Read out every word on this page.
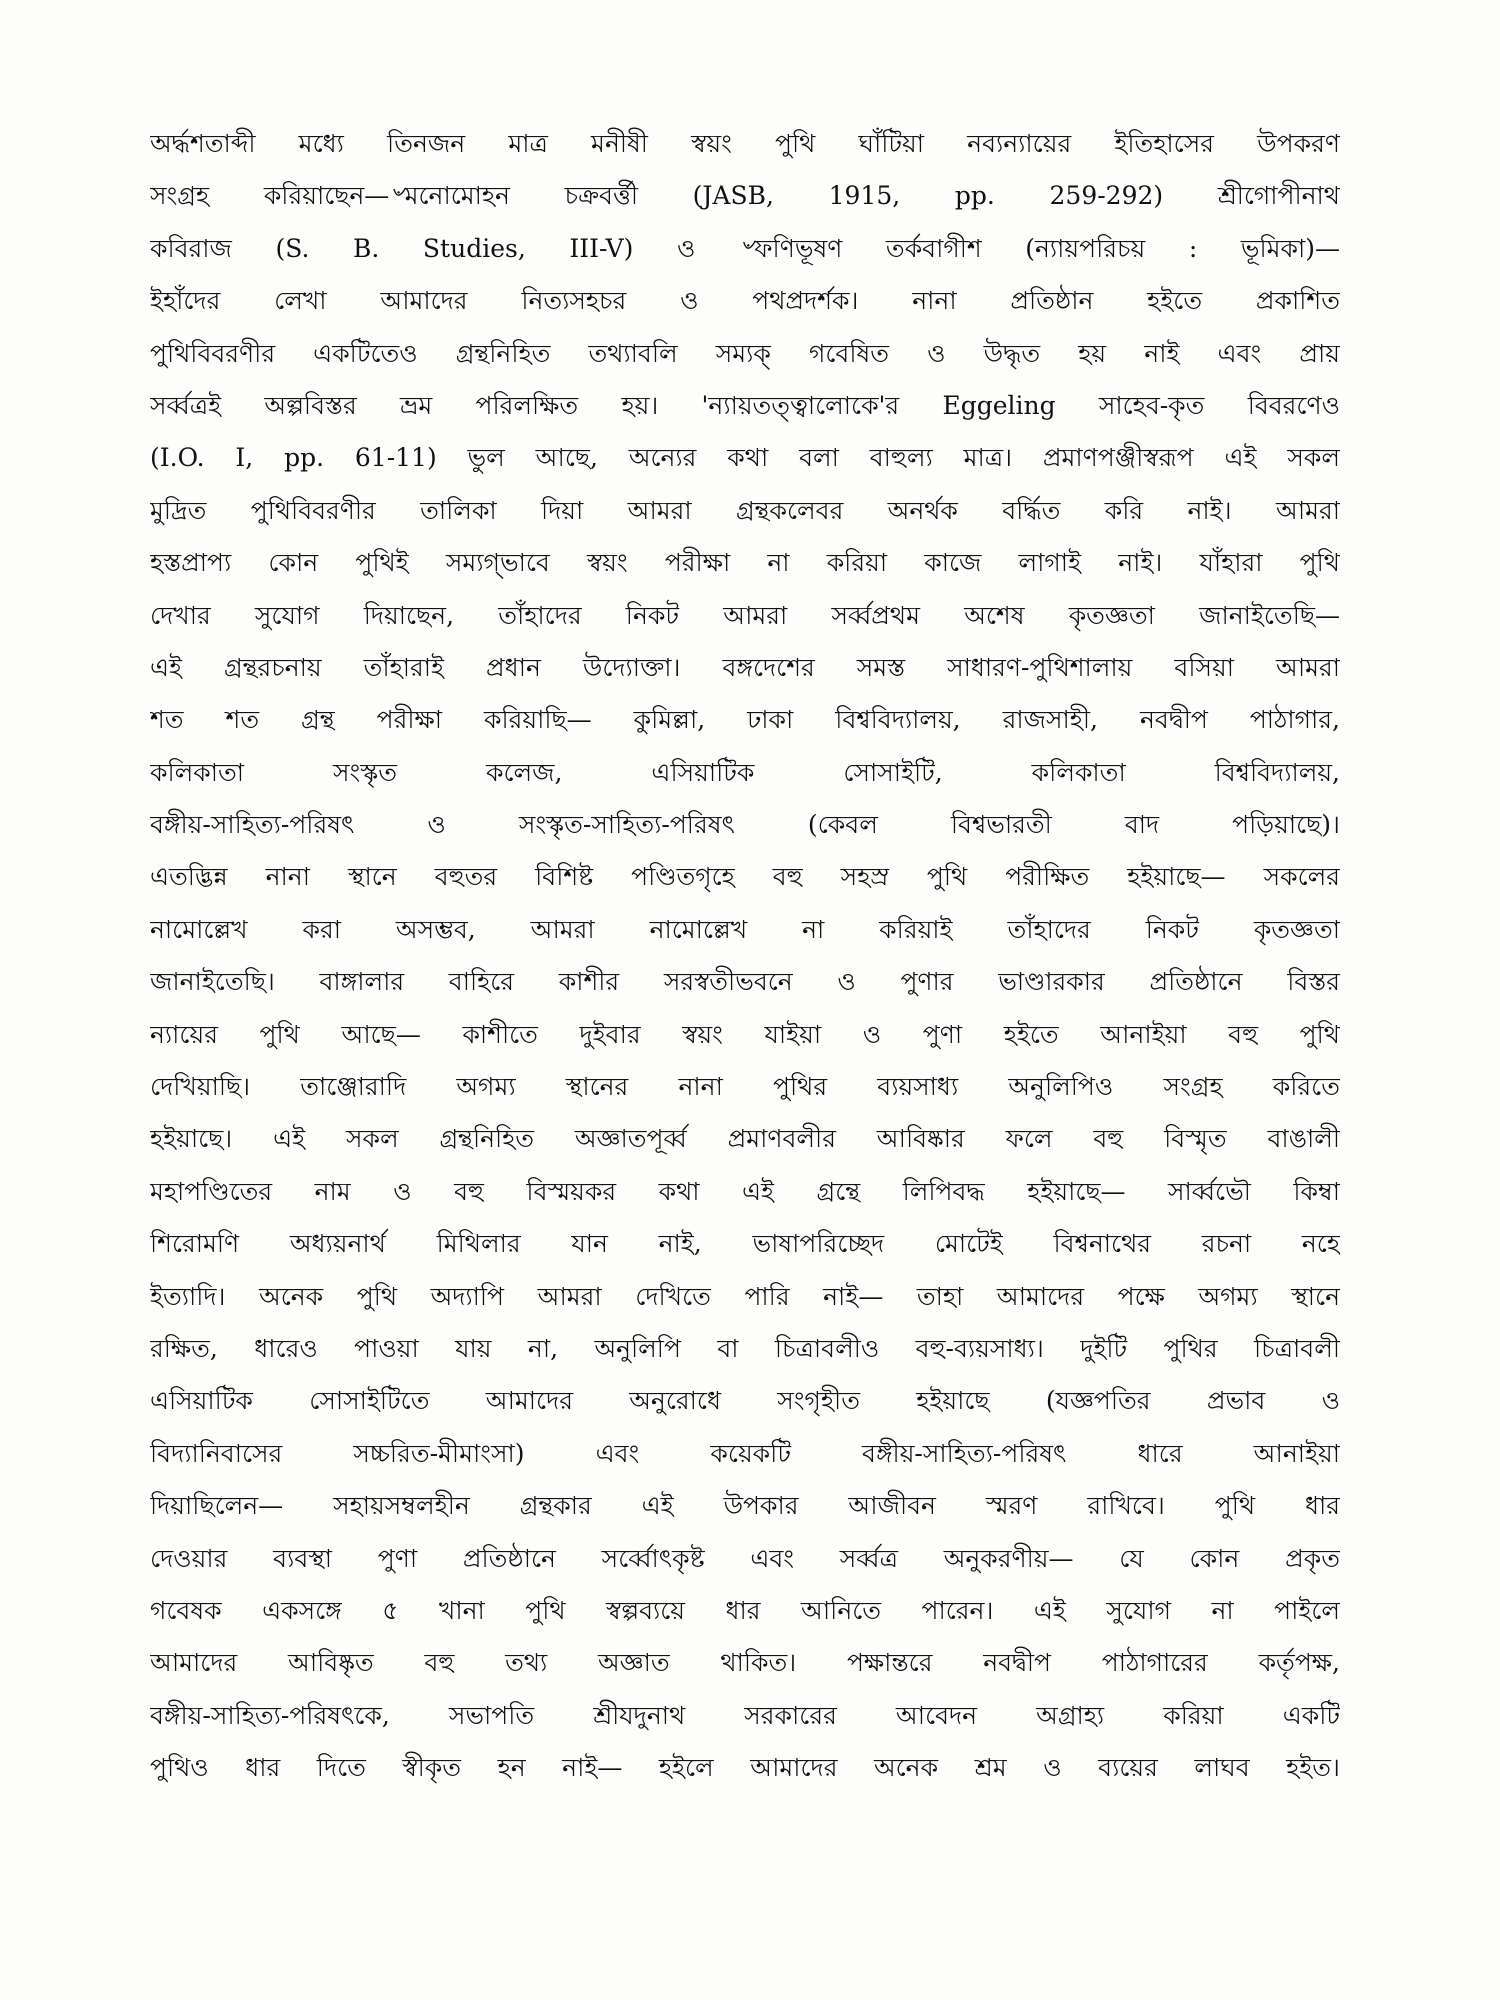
অর্দ্ধশতাব্দী মধ্যে তিনজন মাত্র মনীষী স্বয়ং পুথি ঘাঁটিয়া নব্যন্যায়ের ইতিহাসের উপকরণ
সংগ্রহ করিয়াছেন—৺মনোমোহন চক্রবর্ত্তী (JASB, 1915, pp. 259-292) শ্রীগোপীনাথ
কবিরাজ (S. B. Studies, III-V) ও ৺ফণিভূষণ তর্কবাগীশ (ন্যায়পরিচয় : ভূমিকা)—
ইহাঁদের লেখা আমাদের নিত্যসহচর ও পথপ্রদর্শক। নানা প্রতিষ্ঠান হইতে প্রকাশিত
পুথিবিবরণীর একটিতেও গ্রন্থনিহিত তথ্যাবলি সম্যক্ গবেষিত ও উদ্ধৃত হয় নাই এবং প্রায়
সর্ব্বত্রই অল্পবিস্তর ভ্রম পরিলক্ষিত হয়। 'ন্যায়তত্ত্বালোকে'র Eggeling সাহেব-কৃত বিবরণেও
(I.O. I, pp. 61-11) ভুল আছে, অন্যের কথা বলা বাহুল্য মাত্র। প্রমাণপঞ্জীস্বরূপ এই সকল
মুদ্রিত পুথিবিবরণীর তালিকা দিয়া আমরা গ্রন্থকলেবর অনর্থক বর্দ্ধিত করি নাই। আমরা
হস্তপ্রাপ্য কোন পুথিই সম্যগ্‌ভাবে স্বয়ং পরীক্ষা না করিয়া কাজে লাগাই নাই। যাঁহারা পুথি
দেখার সুযোগ দিয়াছেন, তাঁহাদের নিকট আমরা সর্ব্বপ্রথম অশেষ কৃতজ্ঞতা জানাইতেছি—
এই গ্রন্থরচনায় তাঁহারাই প্রধান উদ্যোক্তা। বঙ্গদেশের সমস্ত সাধারণ-পুথিশালায় বসিয়া আমরা
শত শত গ্রন্থ পরীক্ষা করিয়াছি— কুমিল্লা, ঢাকা বিশ্ববিদ্যালয়, রাজসাহী, নবদ্বীপ পাঠাগার,
কলিকাতা সংস্কৃত কলেজ, এসিয়াটিক সোসাইটি, কলিকাতা বিশ্ববিদ্যালয়,
বঙ্গীয়-সাহিত্য-পরিষৎ ও সংস্কৃত-সাহিত্য-পরিষৎ (কেবল বিশ্বভারতী বাদ পড়িয়াছে)।
এতদ্ভিন্ন নানা স্থানে বহুতর বিশিষ্ট পণ্ডিতগৃহে বহু সহস্র পুথি পরীক্ষিত হইয়াছে— সকলের
নামোল্লেখ করা অসম্ভব, আমরা নামোল্লেখ না করিয়াই তাঁহাদের নিকট কৃতজ্ঞতা
জানাইতেছি। বাঙ্গালার বাহিরে কাশীর সরস্বতীভবনে ও পুণার ভাণ্ডারকার প্রতিষ্ঠানে বিস্তর
ন্যায়ের পুথি আছে— কাশীতে দুইবার স্বয়ং যাইয়া ও পুণা হইতে আনাইয়া বহু পুথি
দেখিয়াছি। তাঞ্জোরাদি অগম্য স্থানের নানা পুথির ব্যয়সাধ্য অনুলিপিও সংগ্রহ করিতে
হইয়াছে। এই সকল গ্রন্থনিহিত অজ্ঞাতপূর্ব্ব প্রমাণবলীর আবিষ্কার ফলে বহু বিস্মৃত বাঙালী
মহাপণ্ডিতের নাম ও বহু বিস্ময়কর কথা এই গ্রন্থে লিপিবদ্ধ হইয়াছে— সার্ব্বভৌ কিম্বা
শিরোমণি অধ্যয়নার্থ মিথিলার যান নাই, ভাষাপরিচ্ছেদ মোটেই বিশ্বনাথের রচনা নহে
ইত্যাদি। অনেক পুথি অদ্যাপি আমরা দেখিতে পারি নাই— তাহা আমাদের পক্ষে অগম্য স্থানে
রক্ষিত, ধারেও পাওয়া যায় না, অনুলিপি বা চিত্রাবলীও বহু-ব্যয়সাধ্য। দুইটি পুথির চিত্রাবলী
এসিয়াটিক সোসাইটিতে আমাদের অনুরোধে সংগৃহীত হইয়াছে (যজ্ঞপতির প্রভাব ও
বিদ্যানিবাসের সচ্চরিত-মীমাংসা) এবং কয়েকটি বঙ্গীয়-সাহিত্য-পরিষৎ ধারে আনাইয়া
দিয়াছিলেন— সহায়সম্বলহীন গ্রন্থকার এই উপকার আজীবন স্মরণ রাখিবে। পুথি ধার
দেওয়ার ব্যবস্থা পুণা প্রতিষ্ঠানে সর্ব্বোৎকৃষ্ট এবং সর্ব্বত্র অনুকরণীয়— যে কোন প্রকৃত
গবেষক একসঙ্গে ৫ খানা পুথি স্বল্পব্যয়ে ধার আনিতে পারেন। এই সুযোগ না পাইলে
আমাদের আবিষ্কৃত বহু তথ্য অজ্ঞাত থাকিত। পক্ষান্তরে নবদ্বীপ পাঠাগারের কর্তৃপক্ষ,
বঙ্গীয়-সাহিত্য-পরিষৎকে, সভাপতি শ্রীযদুনাথ সরকারের আবেদন অগ্রাহ্য করিয়া একটি
পুথিও ধার দিতে স্বীকৃত হন নাই— হইলে আমাদের অনেক শ্রম ও ব্যয়ের লাঘব হইত।
